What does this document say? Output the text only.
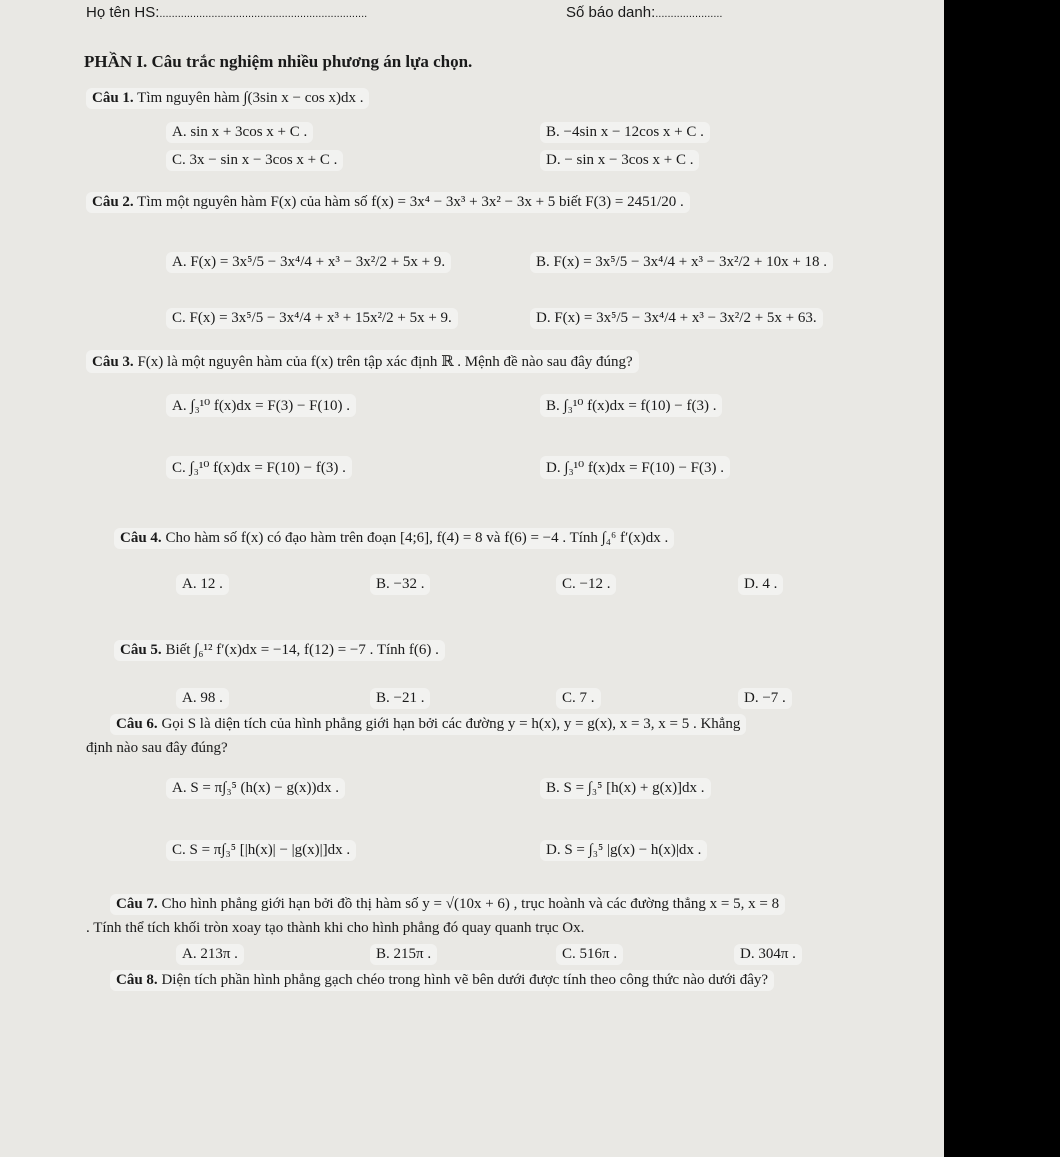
Họ tên HS:....................................................................	Số báo danh:......................
PHẦN I. Câu trắc nghiệm nhiều phương án lựa chọn.
Câu 1. Tìm nguyên hàm ∫(3sin x − cos x)dx .
A. sin x + 3cos x + C .	B. −4sin x − 12cos x + C .
C. 3x − sin x − 3cos x + C .	D. − sin x − 3cos x + C .
Câu 2. Tìm một nguyên hàm F(x) của hàm số f(x) = 3x⁴ − 3x³ + 3x² − 3x + 5 biết F(3) = 2451/20 .
A. F(x) = 3x⁵/5 − 3x⁴/4 + x³ − 3x²/2 + 5x + 9.	B. F(x) = 3x⁵/5 − 3x⁴/4 + x³ − 3x²/2 + 10x + 18 .
C. F(x) = 3x⁵/5 − 3x⁴/4 + x³ + 15x²/2 + 5x + 9.	D. F(x) = 3x⁵/5 − 3x⁴/4 + x³ − 3x²/2 + 5x + 63.
Câu 3. F(x) là một nguyên hàm của f(x) trên tập xác định ℝ . Mệnh đề nào sau đây đúng?
A. ∫₃¹⁰ f(x)dx = F(3) − F(10) .	B. ∫₃¹⁰ f(x)dx = f(10) − f(3) .
C. ∫₃¹⁰ f(x)dx = F(10) − f(3) .	D. ∫₃¹⁰ f(x)dx = F(10) − F(3) .
Câu 4. Cho hàm số f(x) có đạo hàm trên đoạn [4;6], f(4) = 8 và f(6) = −4 . Tính ∫₄⁶ f′(x)dx .
A. 12 .	B. −32 .	C. −12 .	D. 4 .
Câu 5. Biết ∫₆¹² f′(x)dx = −14, f(12) = −7 . Tính f(6) .
A. 98 .	B. −21 .	C. 7 .	D. −7 .
Câu 6. Gọi S là diện tích của hình phẳng giới hạn bởi các đường y = h(x), y = g(x), x = 3, x = 5 . Khẳng
định nào sau đây đúng?
A. S = π∫₃⁵ (h(x) − g(x))dx .	B. S = ∫₃⁵ [h(x) + g(x)]dx .
C. S = π∫₃⁵ [|h(x)| − |g(x)|]dx .	D. S = ∫₃⁵ |g(x) − h(x)|dx .
Câu 7. Cho hình phẳng giới hạn bởi đồ thị hàm số y = √(10x + 6) , trục hoành và các đường thẳng x = 5, x = 8
. Tính thể tích khối tròn xoay tạo thành khi cho hình phẳng đó quay quanh trục Ox.
A. 213π .	B. 215π .	C. 516π .	D. 304π .
Câu 8. Diện tích phần hình phẳng gạch chéo trong hình vẽ bên dưới được tính theo công thức nào dưới đây?
